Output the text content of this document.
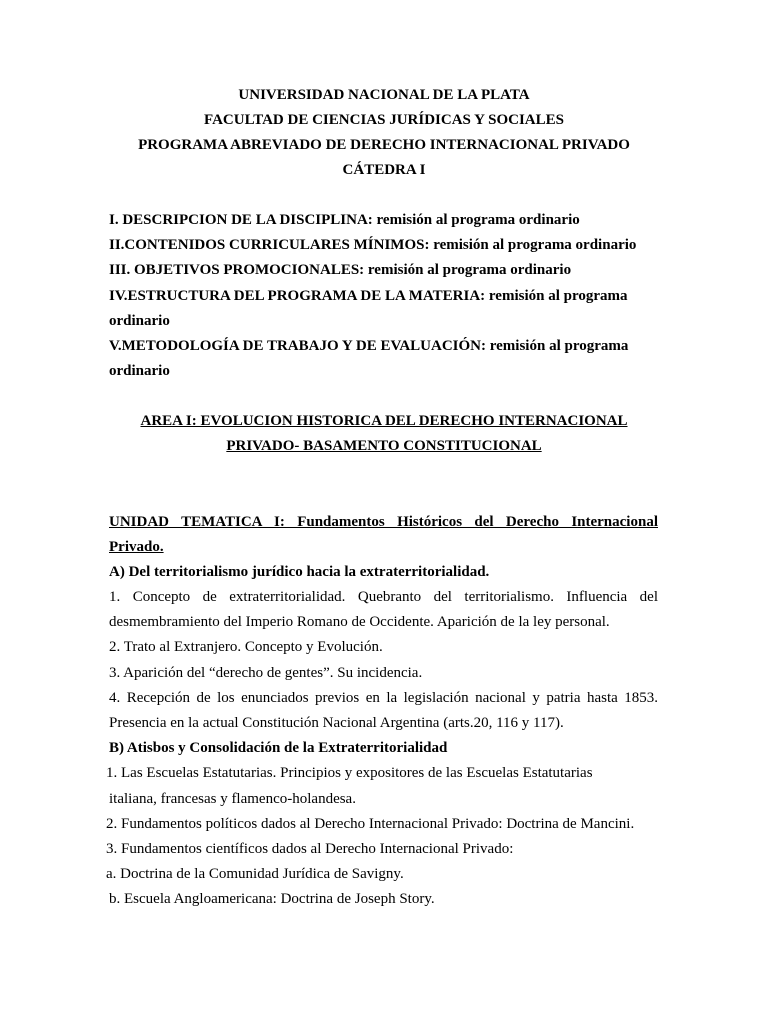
UNIVERSIDAD NACIONAL DE LA PLATA
FACULTAD DE CIENCIAS JURÍDICAS Y SOCIALES
PROGRAMA ABREVIADO DE DERECHO INTERNACIONAL PRIVADO
CÁTEDRA I
I. DESCRIPCION DE LA DISCIPLINA: remisión al programa ordinario
II.CONTENIDOS CURRICULARES MÍNIMOS: remisión al programa ordinario
III. OBJETIVOS PROMOCIONALES: remisión al programa ordinario
IV.ESTRUCTURA DEL PROGRAMA DE LA MATERIA: remisión al programa
ordinario
V.METODOLOGÍA DE TRABAJO Y DE EVALUACIÓN: remisión al programa
ordinario
AREA I: EVOLUCION HISTORICA DEL DERECHO INTERNACIONAL
PRIVADO- BASAMENTO CONSTITUCIONAL
UNIDAD TEMATICA I: Fundamentos Históricos del Derecho Internacional
Privado.
A) Del territorialismo jurídico hacia la extraterritorialidad.
1. Concepto de extraterritorialidad. Quebranto del territorialismo. Influencia del
desmembramiento del Imperio Romano de Occidente. Aparición de la ley personal.
2. Trato al Extranjero. Concepto y Evolución.
3. Aparición del “derecho de gentes”. Su incidencia.
4. Recepción de los enunciados previos en la legislación nacional y patria hasta 1853.
Presencia en la actual Constitución Nacional Argentina (arts.20, 116 y 117).
B) Atisbos y Consolidación de la Extraterritorialidad
1. Las Escuelas Estatutarias. Principios y expositores de las Escuelas Estatutarias
italiana, francesas y flamenco-holandesa.
2. Fundamentos políticos dados al Derecho Internacional Privado: Doctrina de Mancini.
3. Fundamentos científicos dados al Derecho Internacional Privado:
a. Doctrina de la Comunidad Jurídica de Savigny.
b. Escuela Angloamericana: Doctrina de Joseph Story.
